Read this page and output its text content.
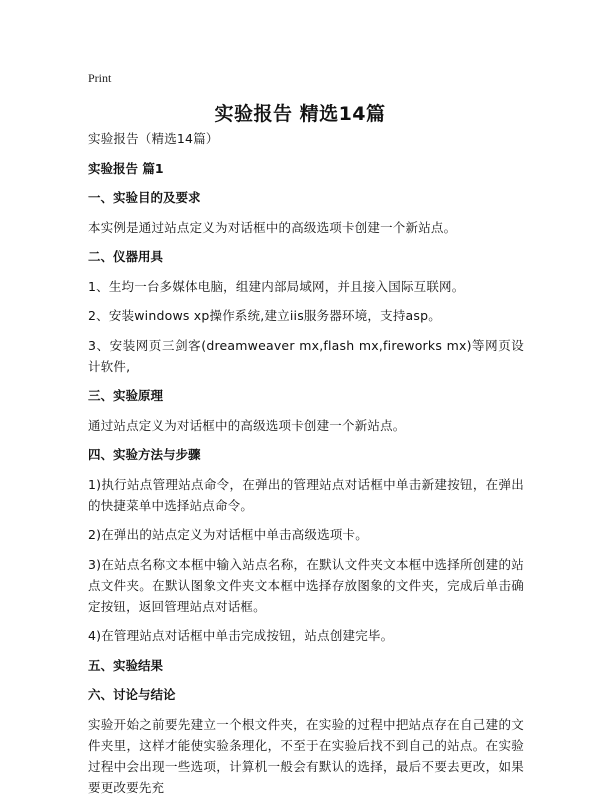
Print
实验报告 精选14篇

实验报告（精选14篇）

实验报告 篇1

一、实验目的及要求

本实例是通过站点定义为对话框中的高级选项卡创建一个新站点。

二、仪器用具

1、生均一台多媒体电脑，组建内部局域网，并且接入国际互联网。

2、安装windows xp操作系统,建立iis服务器环境，支持asp。

3、安装网页三剑客(dreamweaver mx,flash mx,fireworks mx)等网页设计软件,

三、实验原理

通过站点定义为对话框中的高级选项卡创建一个新站点。

四、实验方法与步骤

1)执行站点管理站点命令，在弹出的管理站点对话框中单击新建按钮，在弹出的快捷菜单中选择站点命令。

2)在弹出的站点定义为对话框中单击高级选项卡。

3)在站点名称文本框中输入站点名称，在默认文件夹文本框中选择所创建的站点文件夹。在默认图象文件夹文本框中选择存放图象的文件夹，完成后单击确定按钮，返回管理站点对话框。

4)在管理站点对话框中单击完成按钮，站点创建完毕。

五、实验结果

六、讨论与结论

实验开始之前要先建立一个根文件夹，在实验的过程中把站点存在自己建的文件夹里，这样才能使实验条理化，不至于在实验后找不到自己的站点。在实验过程中会出现一些选项，计算机一般会有默认的选择，最后不要去更改，如果要更改要先充
